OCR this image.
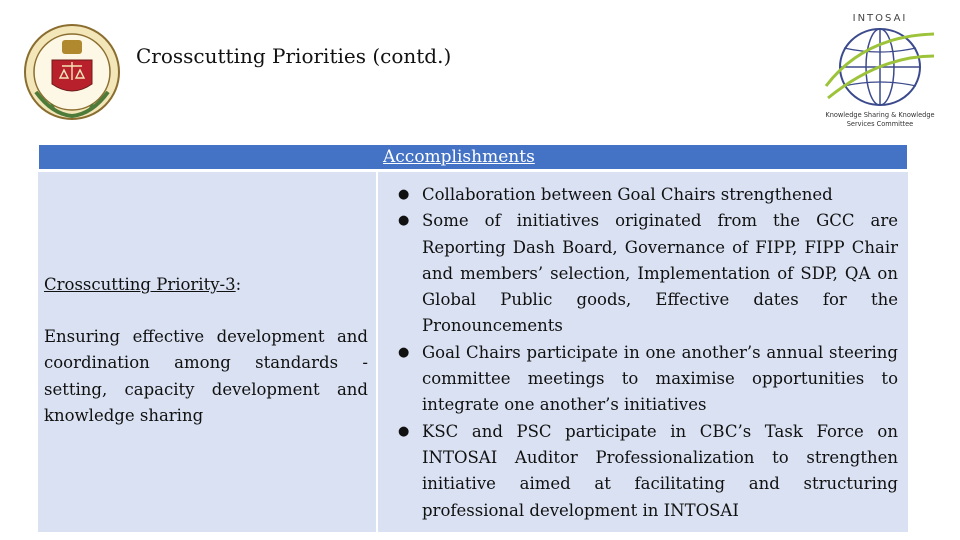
Crosscutting Priorities (contd.)
INTOSAI
Knowledge Sharing & Knowledge
Services Committee
Accomplishments
Crosscutting Priority-3:
Ensuring effective development and coordination among standards -setting, capacity development and knowledge sharing
● Collaboration between Goal Chairs strengthened
● Some of initiatives originated from the GCC are Reporting Dash Board, Governance of FIPP, FIPP Chair and members’ selection, Implementation of SDP, QA on Global Public goods, Effective dates for the Pronouncements
● Goal Chairs participate in one another’s annual steering committee meetings to maximise opportunities to integrate one another’s initiatives
● KSC and PSC participate in CBC’s Task Force on INTOSAI Auditor Professionalization to strengthen initiative aimed at facilitating and structuring professional development in INTOSAI
